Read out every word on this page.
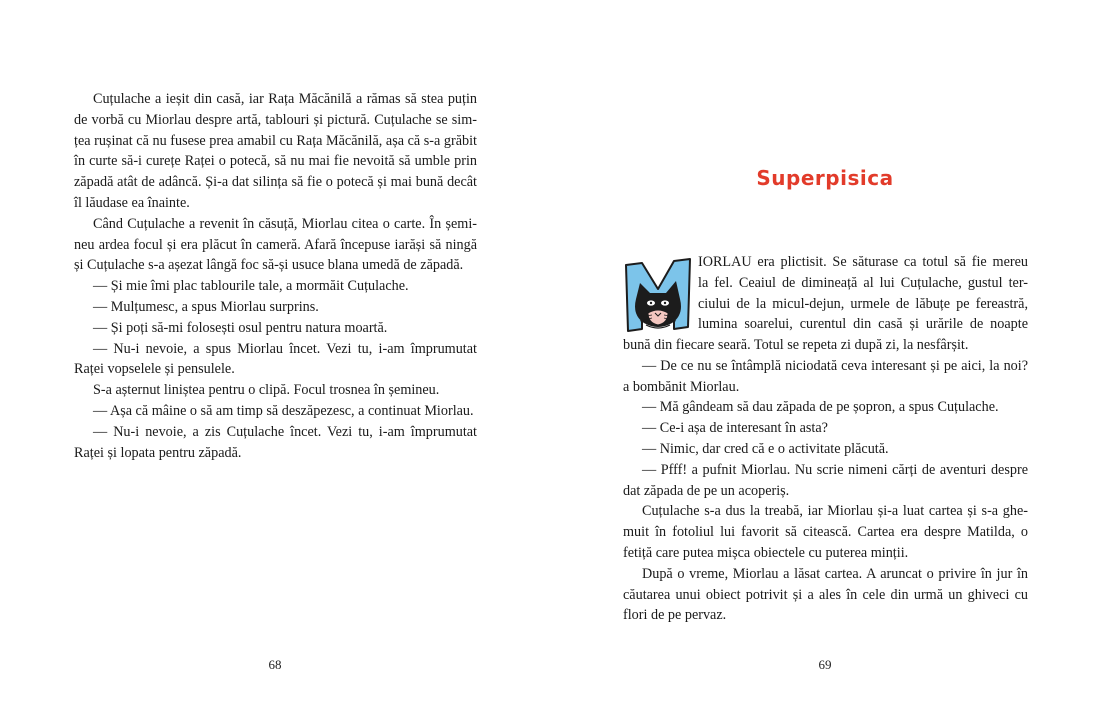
Cuțulache a ieșit din casă, iar Rața Măcănilă a rămas să stea puțin
de vorbă cu Miorlau despre artă, tablouri și pictură. Cuțulache se sim-
țea rușinat că nu fusese prea amabil cu Rața Măcănilă, așa că s-a grăbit
în curte să-i curețe Raței o potecă, să nu mai fie nevoită să umble prin
zăpadă atât de adâncă. Și-a dat silința să fie o potecă și mai bună decât
îl lăudase ea înainte.
Când Cuțulache a revenit în căsuță, Miorlau citea o carte. În șemi-
neu ardea focul și era plăcut în cameră. Afară începuse iarăși să ningă
și Cuțulache s-a așezat lângă foc să-și usuce blana umedă de zăpadă.
— Și mie îmi plac tablourile tale, a mormăit Cuțulache.
— Mulțumesc, a spus Miorlau surprins.
— Și poți să-mi folosești osul pentru natura moartă.
— Nu-i nevoie, a spus Miorlau încet. Vezi tu, i-am împrumutat
Raței vopselele și pensulele.
S-a așternut liniștea pentru o clipă. Focul trosnea în șemineu.
— Așa că mâine o să am timp să deszăpezesc, a continuat Miorlau.
— Nu-i nevoie, a zis Cuțulache încet. Vezi tu, i-am împrumutat
Raței și lopata pentru zăpadă.
68
Superpisica
IORLAU era plictisit. Se săturase ca totul să fie mereu
la fel. Ceaiul de dimineață al lui Cuțulache, gustul ter-
ciului de la micul-dejun, urmele de lăbuțe pe fereastră,
lumina soarelui, curentul din casă și urările de noapte
bună din fiecare seară. Totul se repeta zi după zi, la nesfârșit.
— De ce nu se întâmplă niciodată ceva interesant și pe aici, la noi?
a bombănit Miorlau.
— Mă gândeam să dau zăpada de pe șopron, a spus Cuțulache.
— Ce-i așa de interesant în asta?
— Nimic, dar cred că e o activitate plăcută.
— Pfff! a pufnit Miorlau. Nu scrie nimeni cărți de aventuri despre
dat zăpada de pe un acoperiș.
Cuțulache s-a dus la treabă, iar Miorlau și-a luat cartea și s-a ghe-
muit în fotoliul lui favorit să citească. Cartea era despre Matilda, o
fetiță care putea mișca obiectele cu puterea minții.
După o vreme, Miorlau a lăsat cartea. A aruncat o privire în jur în
căutarea unui obiect potrivit și a ales în cele din urmă un ghiveci cu
flori de pe pervaz.
69
